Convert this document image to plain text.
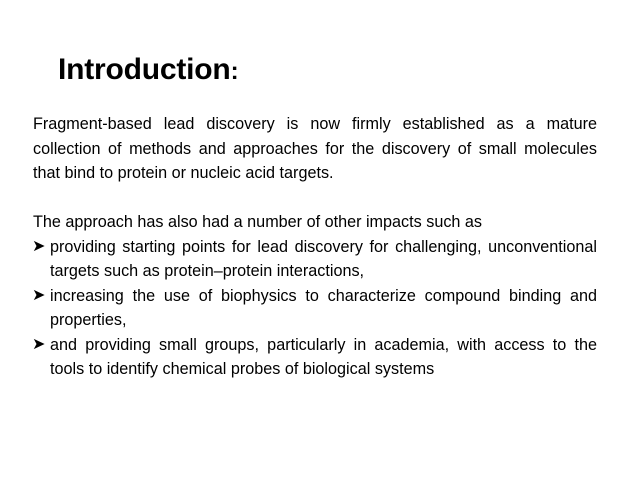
Introduction:

Fragment-based lead discovery is now firmly established as a mature collection of methods and approaches for the discovery of small molecules that bind to protein or nucleic acid targets.

The approach has also had a number of other impacts such as

➤ providing starting points for lead discovery for challenging, unconventional targets such as protein–protein interactions,
➤ increasing the use of biophysics to characterize compound binding and properties,
➤ and providing small groups, particularly in academia, with access to the tools to identify chemical probes of biological systems
